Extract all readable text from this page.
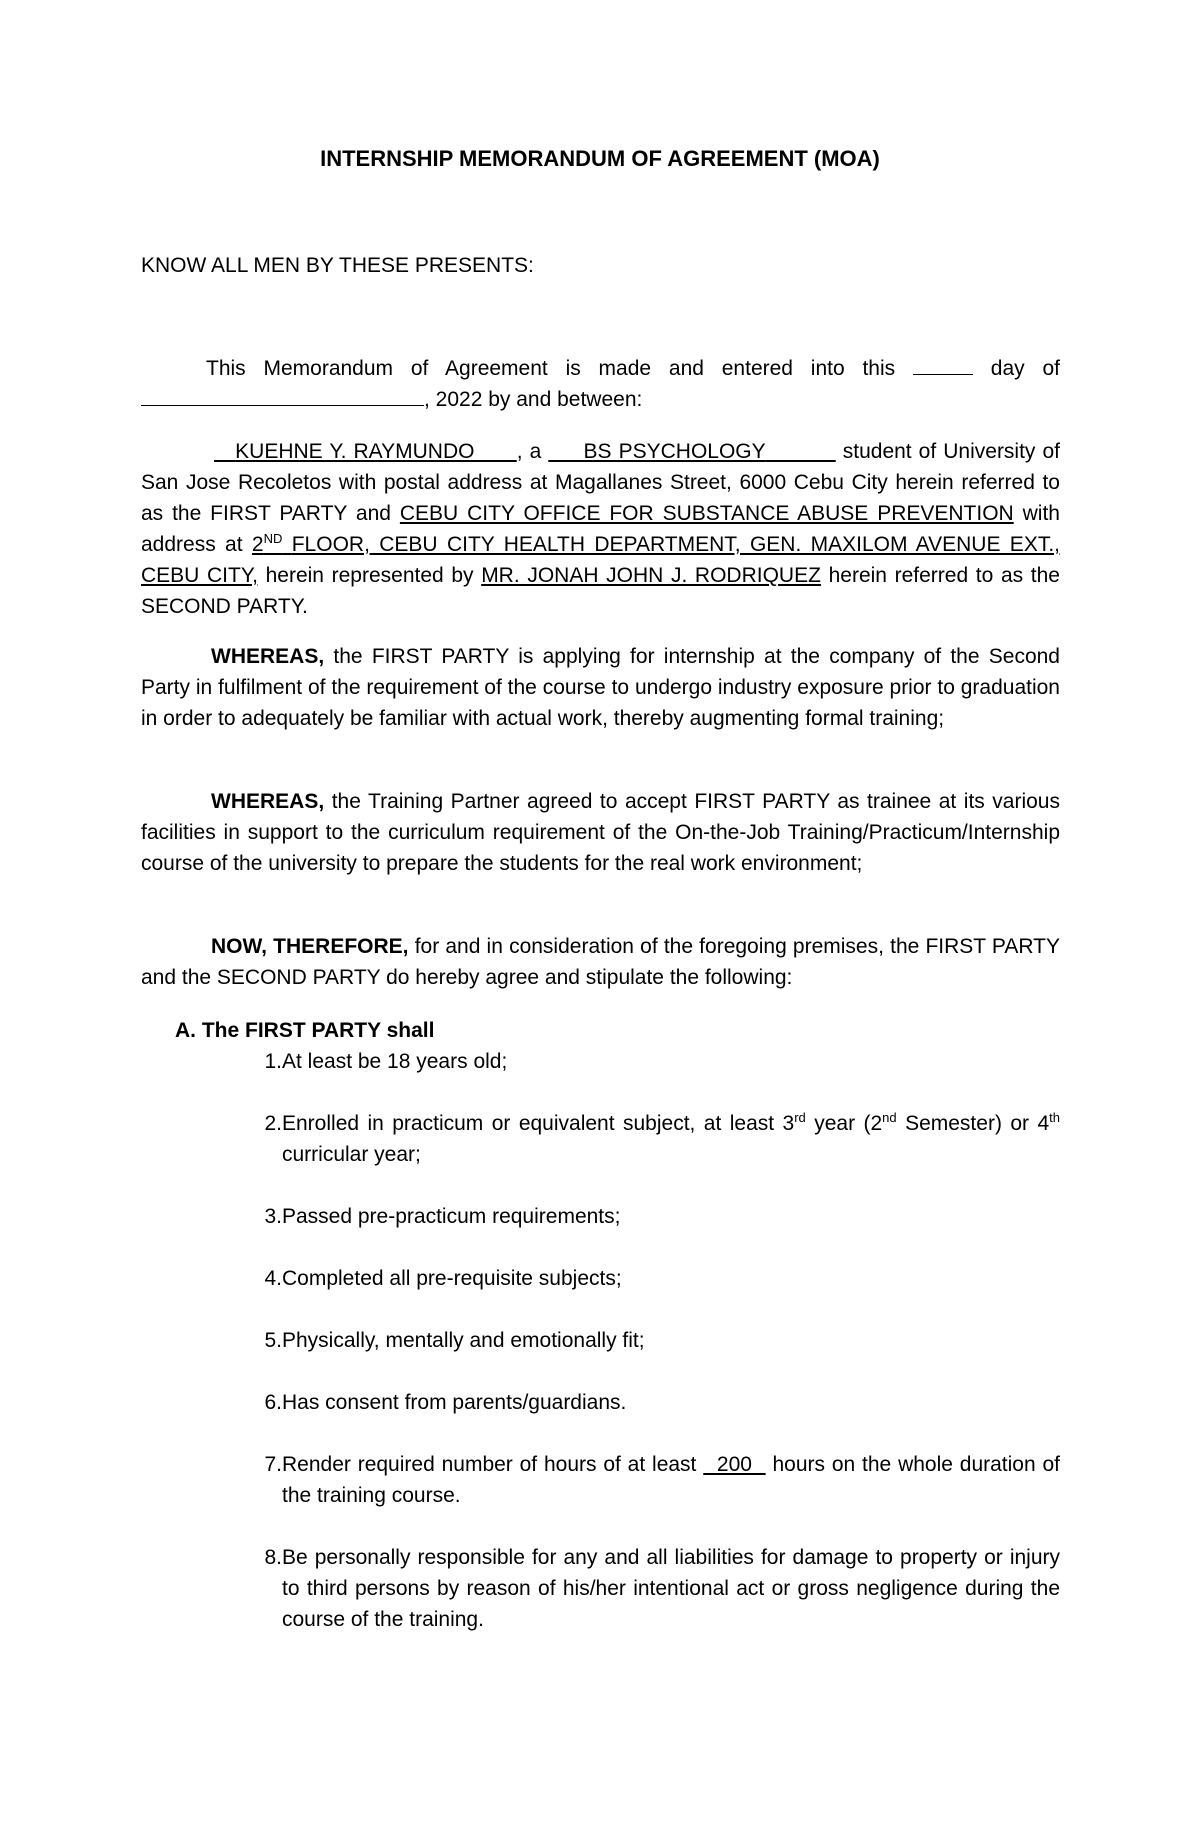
INTERNSHIP MEMORANDUM OF AGREEMENT (MOA)
KNOW ALL MEN BY THESE PRESENTS:
This Memorandum of Agreement is made and entered into this	day of
, 2022 by and between:
KUEHNE Y. RAYMUNDO , a BS PSYCHOLOGY	student of University of San Jose Recoletos with postal address at Magallanes Street, 6000 Cebu City herein referred to as the FIRST PARTY and CEBU CITY OFFICE FOR SUBSTANCE ABUSE PREVENTION with address at 2ND FLOOR, CEBU CITY HEALTH DEPARTMENT, GEN. MAXILOM AVENUE EXT., CEBU CITY, herein represented by MR. JONAH JOHN J. RODRIQUEZ herein referred to as the SECOND PARTY.
WHEREAS, the FIRST PARTY is applying for internship at the company of the Second Party in fulfilment of the requirement of the course to undergo industry exposure prior to graduation in order to adequately be familiar with actual work, thereby augmenting formal training;
WHEREAS, the Training Partner agreed to accept FIRST PARTY as trainee at its various facilities in support to the curriculum requirement of the On-the-Job Training/Practicum/Internship course of the university to prepare the students for the real work environment;
NOW, THEREFORE, for and in consideration of the foregoing premises, the FIRST PARTY and the SECOND PARTY do hereby agree and stipulate the following:
A. The FIRST PARTY shall
1. At least be 18 years old;
2. Enrolled in practicum or equivalent subject, at least 3rd year (2nd Semester) or 4th curricular year;
3. Passed pre-practicum requirements;
4. Completed all pre-requisite subjects;
5. Physically, mentally and emotionally fit;
6. Has consent from parents/guardians.
7. Render required number of hours of at least 200 hours on the whole duration of the training course.
8. Be personally responsible for any and all liabilities for damage to property or injury to third persons by reason of his/her intentional act or gross negligence during the course of the training.
